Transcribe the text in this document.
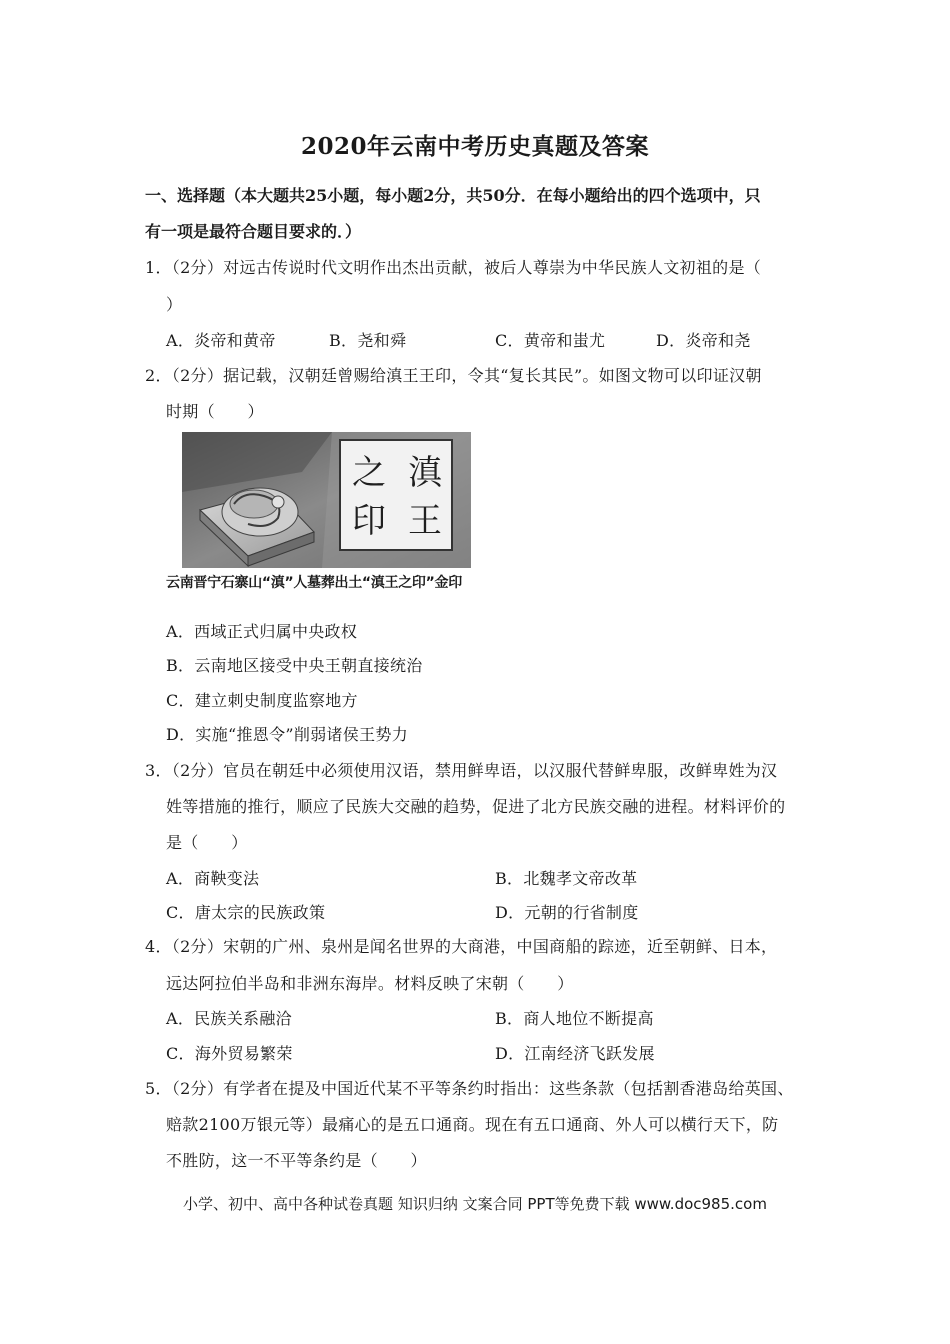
2020年云南中考历史真题及答案
一、选择题（本大题共25小题，每小题2分，共50分．在每小题给出的四个选项中，只
有一项是最符合题目要求的．）
1．（2分）对远古传说时代文明作出杰出贡献，被后人尊崇为中华民族人文初祖的是（
）
A．炎帝和黄帝	B．尧和舜	C．黄帝和蚩尤	D．炎帝和尧
2．（2分）据记载，汉朝廷曾赐给滇王王印，令其“复长其民”。如图文物可以印证汉朝
时期（　　）
滇
王
之
印
云南晋宁石寨山“滇”人墓葬出土“滇王之印”金印
A．西域正式归属中央政权
B．云南地区接受中央王朝直接统治
C．建立刺史制度监察地方
D．实施“推恩令”削弱诸侯王势力
3．（2分）官员在朝廷中必须使用汉语，禁用鲜卑语，以汉服代替鲜卑服，改鲜卑姓为汉
姓等措施的推行，顺应了民族大交融的趋势，促进了北方民族交融的进程。材料评价的
是（　　）
A．商鞅变法	B．北魏孝文帝改革
C．唐太宗的民族政策	D．元朝的行省制度
4．（2分）宋朝的广州、泉州是闻名世界的大商港，中国商船的踪迹，近至朝鲜、日本，
远达阿拉伯半岛和非洲东海岸。材料反映了宋朝（　　）
A．民族关系融洽	B．商人地位不断提高
C．海外贸易繁荣	D．江南经济飞跃发展
5．（2分）有学者在提及中国近代某不平等条约时指出：这些条款（包括割香港岛给英国、
赔款2100万银元等）最痛心的是五口通商。现在有五口通商、外人可以横行天下，防
不胜防，这一不平等条约是（　　）
小学、初中、高中各种试卷真题 知识归纳 文案合同 PPT等免费下载 www.doc985.com
